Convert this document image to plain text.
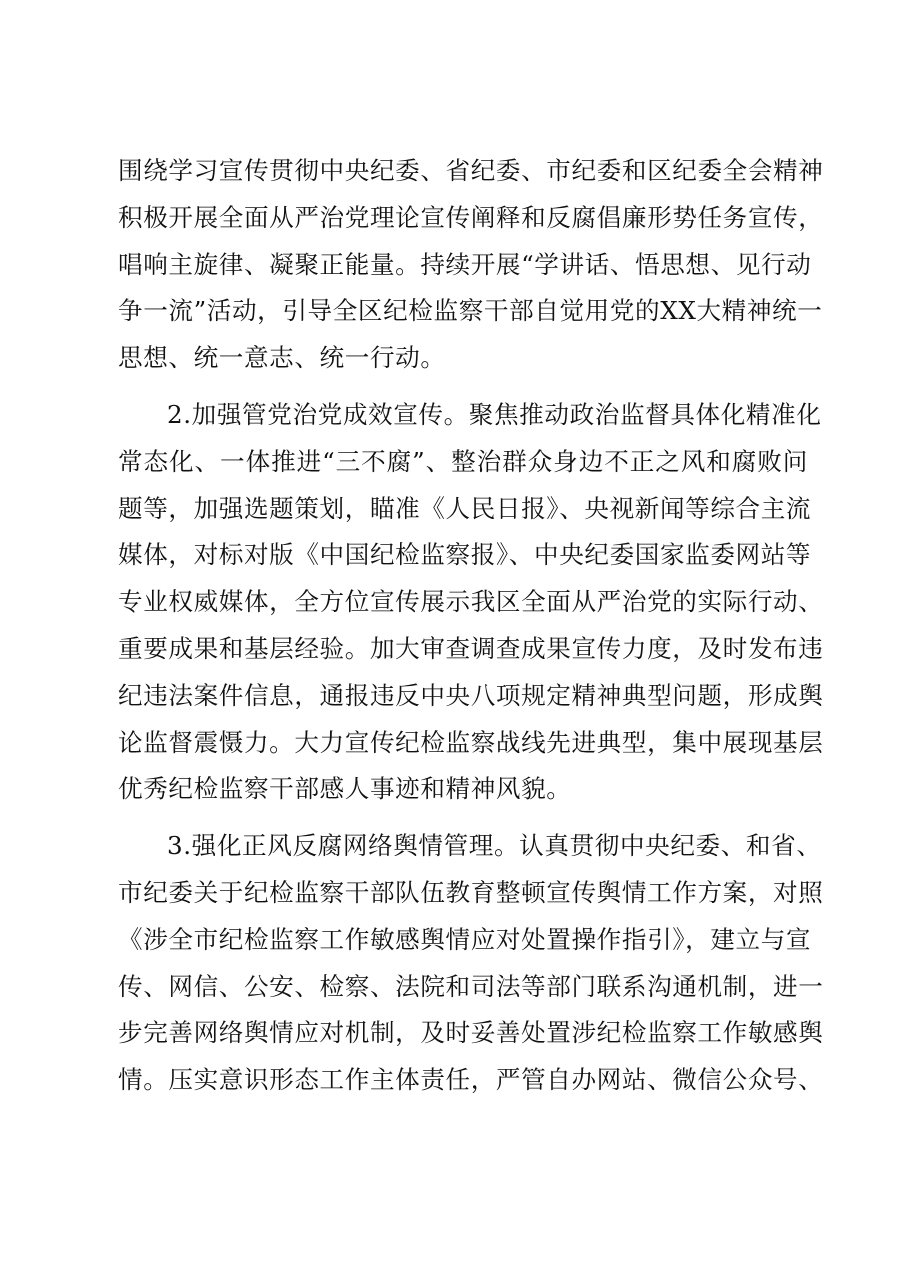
围绕学习宣传贯彻中央纪委、省纪委、市纪委和区纪委全会精神
积极开展全面从严治党理论宣传阐释和反腐倡廉形势任务宣传，
唱响主旋律、凝聚正能量。持续开展“学讲话、悟思想、见行动
争一流”活动，引导全区纪检监察干部自觉用党的XX大精神统一
思想、统一意志、统一行动。
2.加强管党治党成效宣传。聚焦推动政治监督具体化精准化
常态化、一体推进“三不腐”、整治群众身边不正之风和腐败问
题等，加强选题策划，瞄准《人民日报》、央视新闻等综合主流
媒体，对标对版《中国纪检监察报》、中央纪委国家监委网站等
专业权威媒体，全方位宣传展示我区全面从严治党的实际行动、
重要成果和基层经验。加大审查调查成果宣传力度，及时发布违
纪违法案件信息，通报违反中央八项规定精神典型问题，形成舆
论监督震慑力。大力宣传纪检监察战线先进典型，集中展现基层
优秀纪检监察干部感人事迹和精神风貌。
3.强化正风反腐网络舆情管理。认真贯彻中央纪委、和省、
市纪委关于纪检监察干部队伍教育整顿宣传舆情工作方案，对照
《涉全市纪检监察工作敏感舆情应对处置操作指引》，建立与宣
传、网信、公安、检察、法院和司法等部门联系沟通机制，进一
步完善网络舆情应对机制，及时妥善处置涉纪检监察工作敏感舆
情。压实意识形态工作主体责任，严管自办网站、微信公众号、
